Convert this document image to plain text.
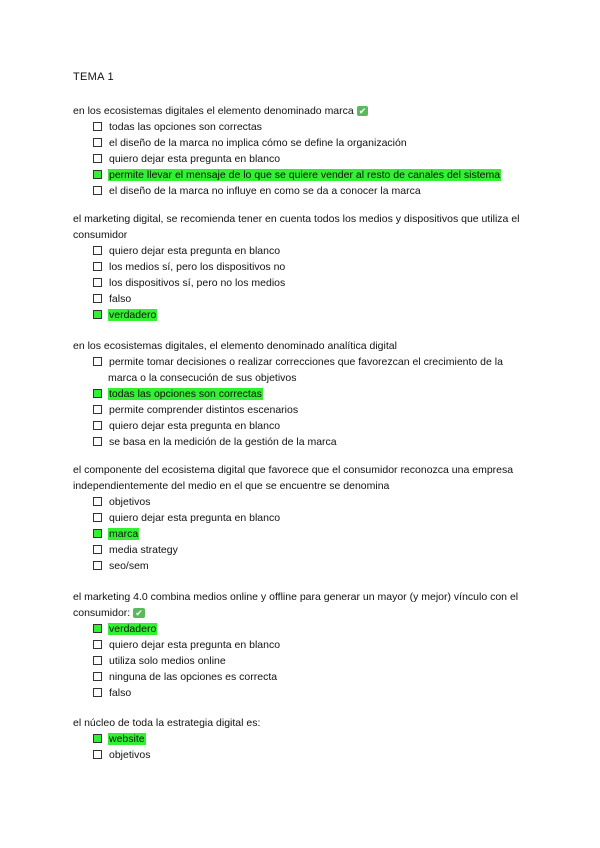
TEMA 1
en los ecosistemas digitales el elemento denominado marca ✔
todas las opciones son correctas
el diseño de la marca no implica cómo se define la organización
quiero dejar esta pregunta en blanco
permite llevar el mensaje de lo que se quiere vender al resto de canales del sistema
el diseño de la marca no influye en como se da a conocer la marca
el marketing digital, se recomienda tener en cuenta todos los medios y dispositivos que utiliza el consumidor
quiero dejar esta pregunta en blanco
los medios sí, pero los dispositivos no
los dispositivos sí, pero no los medios
falso
verdadero
en los ecosistemas digitales, el elemento denominado analítica digital
permite tomar decisiones o realizar correcciones que favorezcan el crecimiento de la marca o la consecución de sus objetivos
todas las opciones son correctas
permite comprender distintos escenarios
quiero dejar esta pregunta en blanco
se basa en la medición de la gestión de la marca
el componente del ecosistema digital que favorece que el consumidor reconozca una empresa independientemente del medio en el que se encuentre se denomina
objetivos
quiero dejar esta pregunta en blanco
marca
media strategy
seo/sem
el marketing 4.0 combina medios online y offline para generar un mayor (y mejor) vínculo con el consumidor: ✔
verdadero
quiero dejar esta pregunta en blanco
utiliza solo medios online
ninguna de las opciones es correcta
falso
el núcleo de toda la estrategia digital es:
website
objetivos
